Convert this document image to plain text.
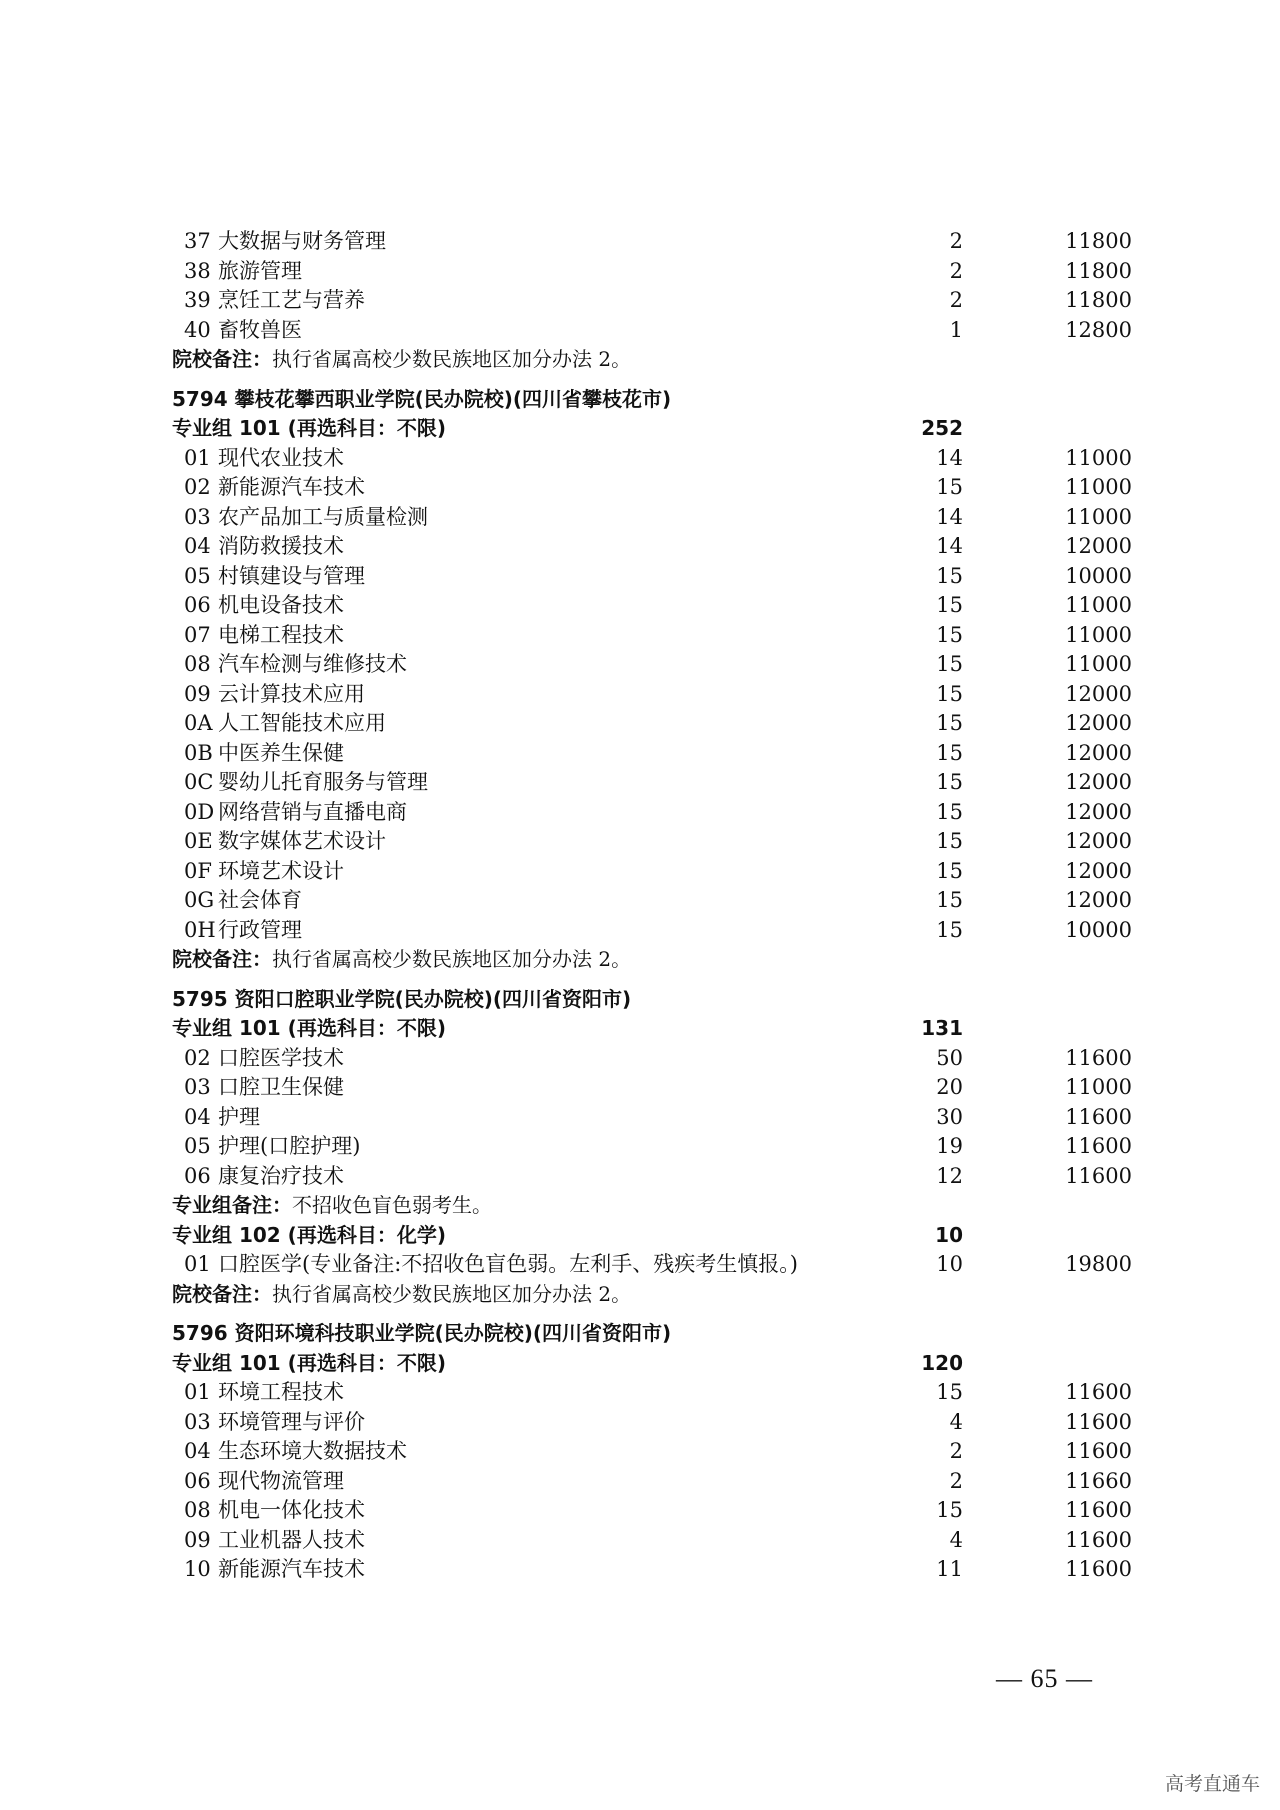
37 大数据与财务管理	2	11800
38 旅游管理	2	11800
39 烹饪工艺与营养	2	11800
40 畜牧兽医	1	12800
院校备注：执行省属高校少数民族地区加分办法 2。
5794 攀枝花攀西职业学院(民办院校)(四川省攀枝花市)
专业组 101 (再选科目：不限)	252
01 现代农业技术	14	11000
02 新能源汽车技术	15	11000
03 农产品加工与质量检测	14	11000
04 消防救援技术	14	12000
05 村镇建设与管理	15	10000
06 机电设备技术	15	11000
07 电梯工程技术	15	11000
08 汽车检测与维修技术	15	11000
09 云计算技术应用	15	12000
0A 人工智能技术应用	15	12000
0B 中医养生保健	15	12000
0C 婴幼儿托育服务与管理	15	12000
0D 网络营销与直播电商	15	12000
0E 数字媒体艺术设计	15	12000
0F 环境艺术设计	15	12000
0G 社会体育	15	12000
0H 行政管理	15	10000
院校备注：执行省属高校少数民族地区加分办法 2。
5795 资阳口腔职业学院(民办院校)(四川省资阳市)
专业组 101 (再选科目：不限)	131
02 口腔医学技术	50	11600
03 口腔卫生保健	20	11000
04 护理	30	11600
05 护理(口腔护理)	19	11600
06 康复治疗技术	12	11600
专业组备注：不招收色盲色弱考生。
专业组 102 (再选科目：化学)	10
01 口腔医学(专业备注:不招收色盲色弱。左利手、残疾考生慎报。)	10	19800
院校备注：执行省属高校少数民族地区加分办法 2。
5796 资阳环境科技职业学院(民办院校)(四川省资阳市)
专业组 101 (再选科目：不限)	120
01 环境工程技术	15	11600
03 环境管理与评价	4	11600
04 生态环境大数据技术	2	11600
06 现代物流管理	2	11660
08 机电一体化技术	15	11600
09 工业机器人技术	4	11600
10 新能源汽车技术	11	11600
— 65 —
高考直通车
